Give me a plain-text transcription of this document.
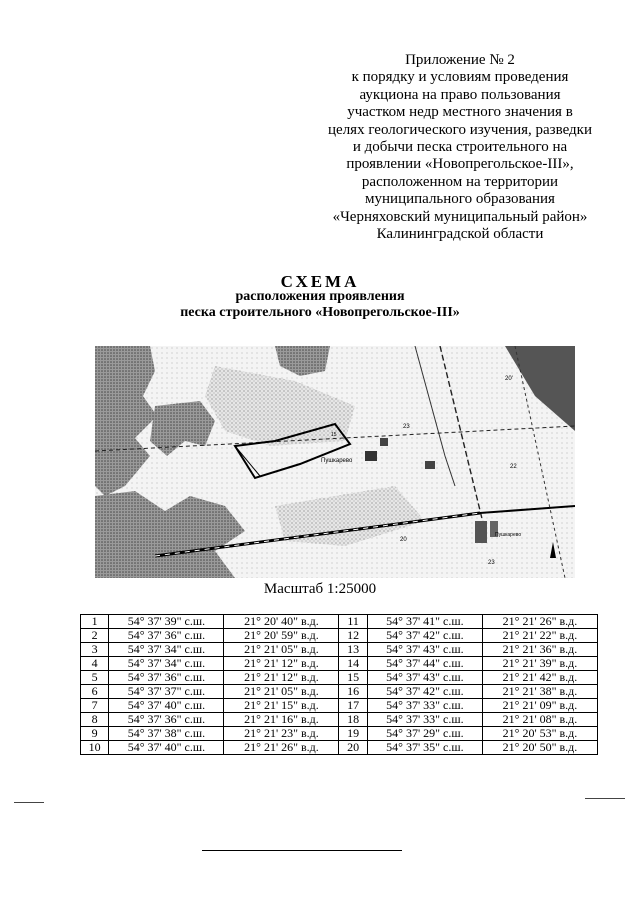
Приложение № 2
к порядку и условиям проведения
аукциона на право пользования
участком недр местного значения в
целях геологического изучения, разведки
и добычи песка строительного на
проявлении «Новопрегольское-III»,
расположенном на территории
муниципального образования
«Черняховский муниципальный район»
Калининградской области
СХЕМА
расположения проявления
песка строительного «Новопрегольское-III»
Пушкарево
Пушкарево
23
23
22
20
20'
15
Масштаб 1:25000
1	54° 37' 39" с.ш.	21° 20' 40" в.д.	11	54° 37' 41" с.ш.	21° 21' 26" в.д.
2	54° 37' 36" с.ш.	21° 20' 59" в.д.	12	54° 37' 42" с.ш.	21° 21' 22" в.д.
3	54° 37' 34" с.ш.	21° 21' 05" в.д.	13	54° 37' 43" с.ш.	21° 21' 36" в.д.
4	54° 37' 34" с.ш.	21° 21' 12" в.д.	14	54° 37' 44" с.ш.	21° 21' 39" в.д.
5	54° 37' 36" с.ш.	21° 21' 12" в.д.	15	54° 37' 43" с.ш.	21° 21' 42" в.д.
6	54° 37' 37" с.ш.	21° 21' 05" в.д.	16	54° 37' 42" с.ш.	21° 21' 38" в.д.
7	54° 37' 40" с.ш.	21° 21' 15" в.д.	17	54° 37' 33" с.ш.	21° 21' 09" в.д.
8	54° 37' 36" с.ш.	21° 21' 16" в.д.	18	54° 37' 33" с.ш.	21° 21' 08" в.д.
9	54° 37' 38" с.ш.	21° 21' 23" в.д.	19	54° 37' 29" с.ш.	21° 20' 53" в.д.
10	54° 37' 40" с.ш.	21° 21' 26" в.д.	20	54° 37' 35" с.ш.	21° 20' 50" в.д.
